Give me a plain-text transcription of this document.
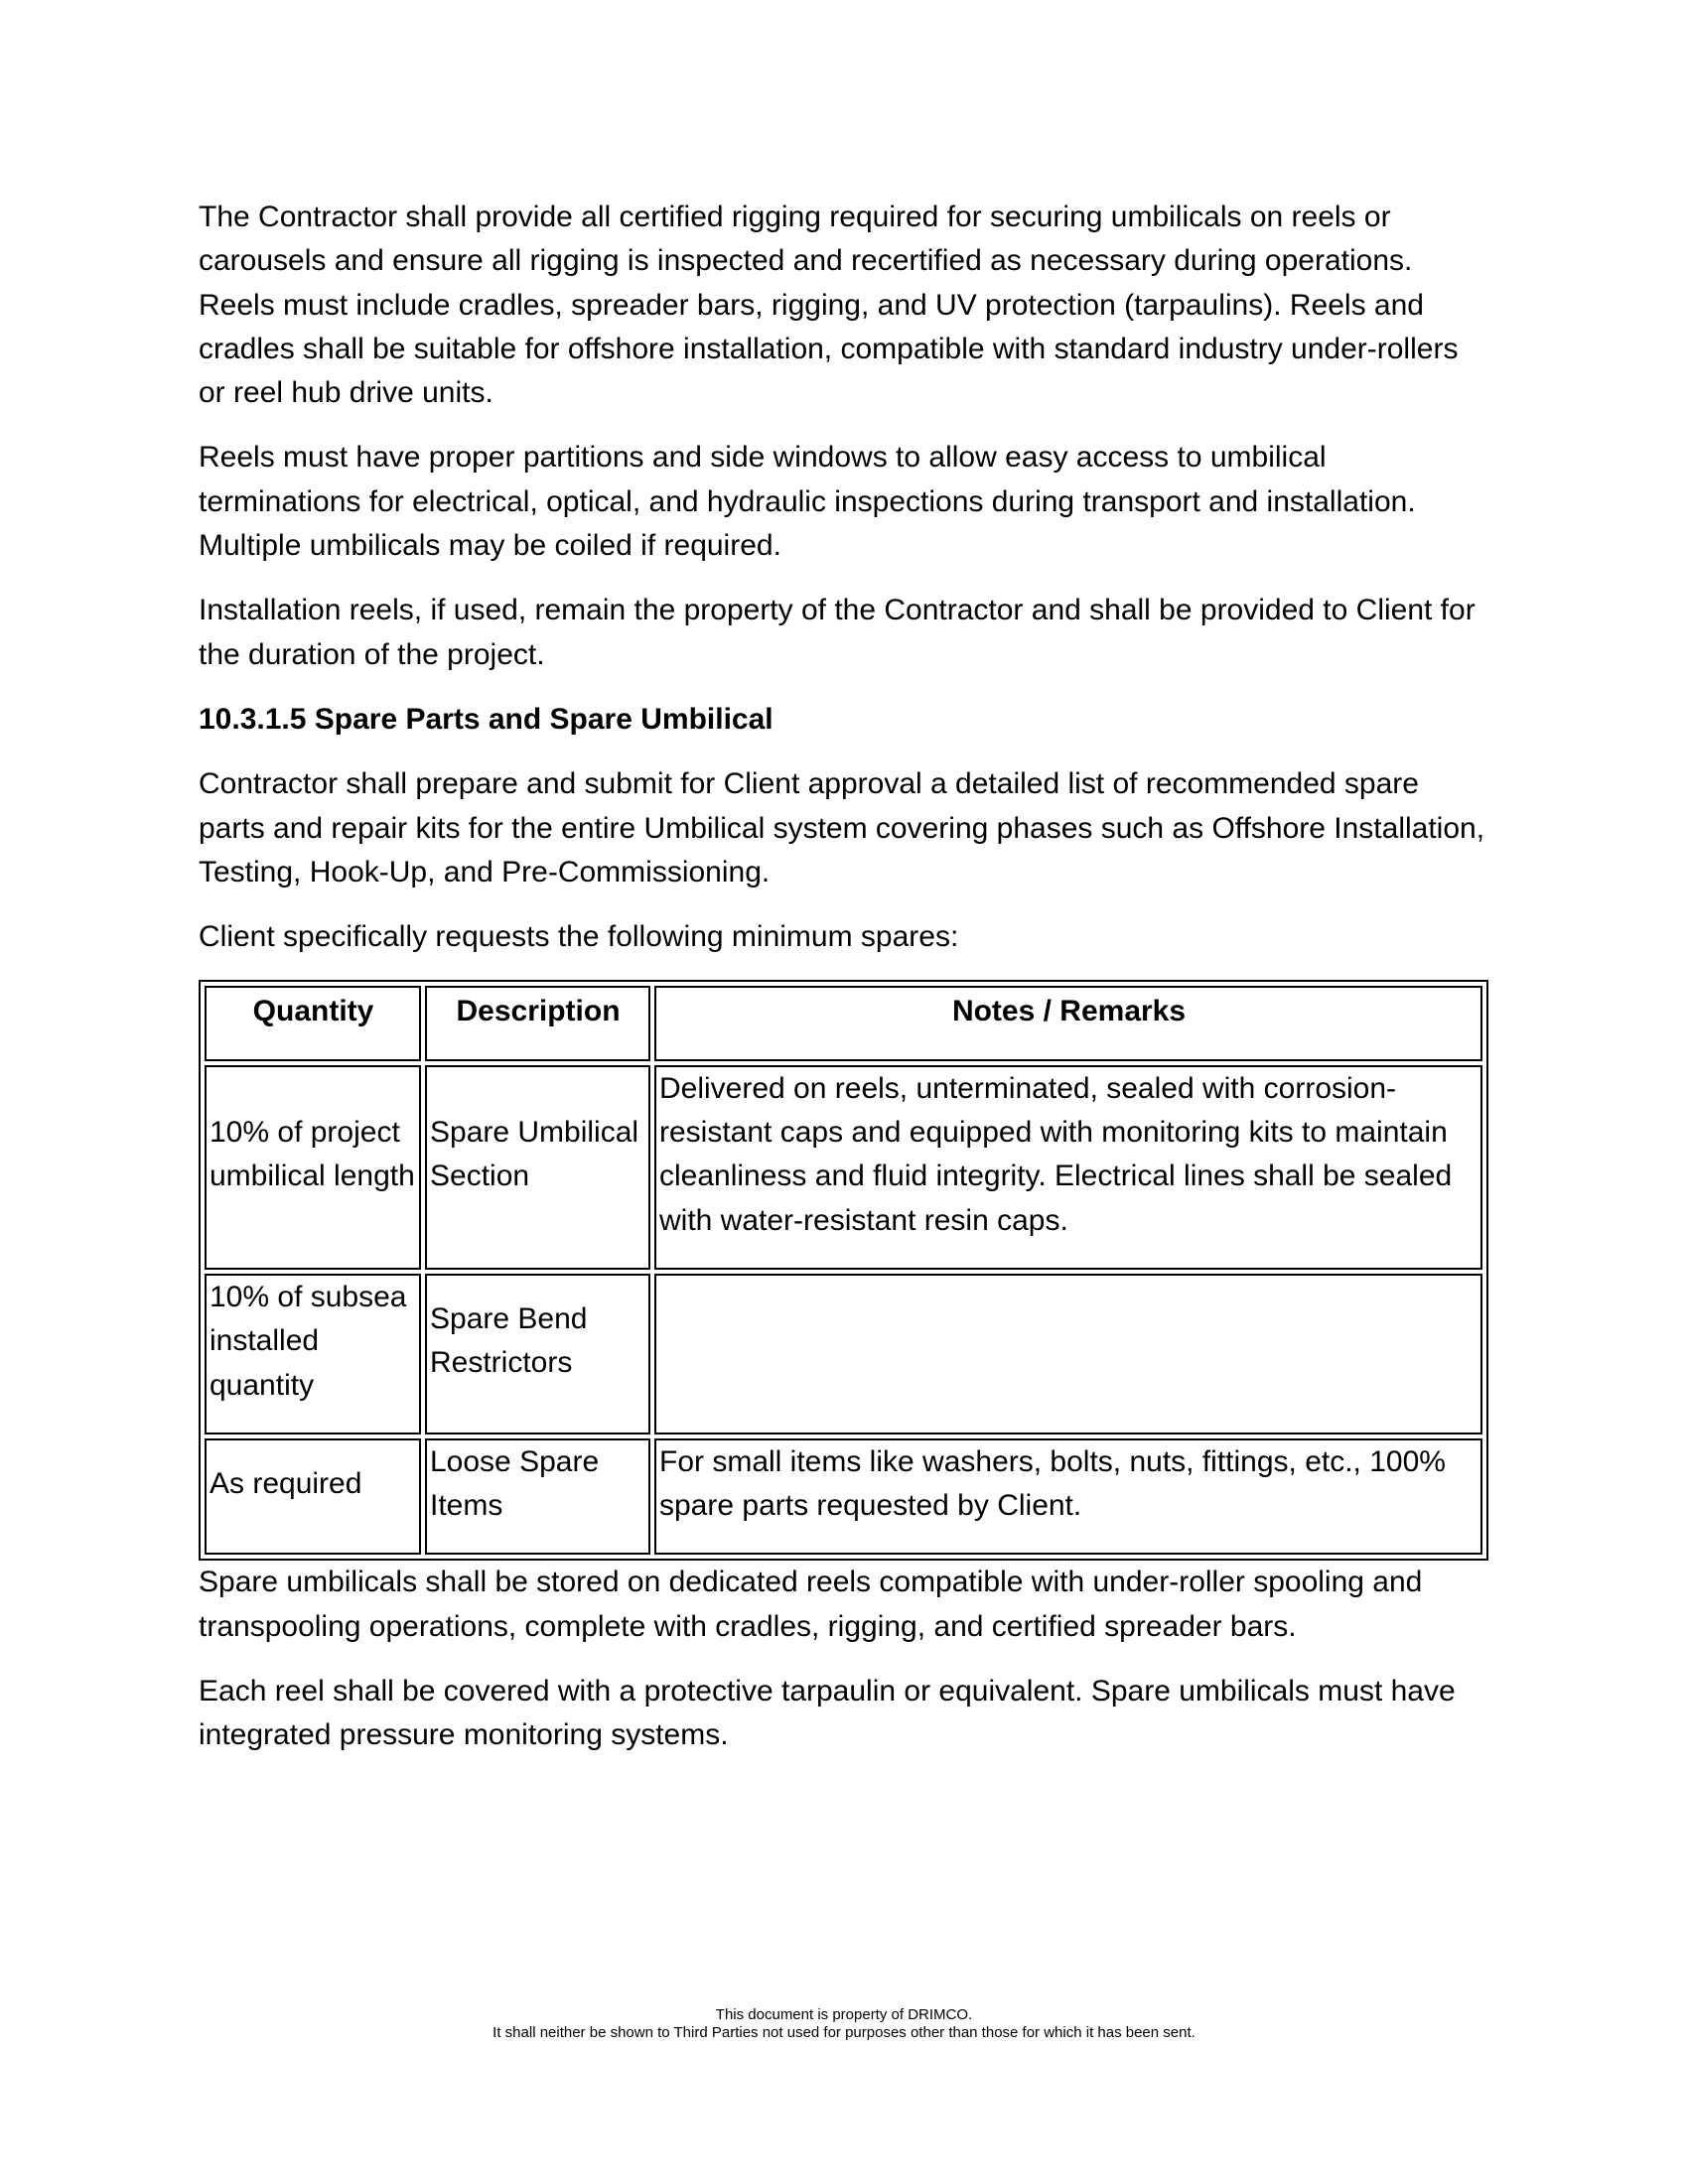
The Contractor shall provide all certified rigging required for securing umbilicals on reels or carousels and ensure all rigging is inspected and recertified as necessary during operations. Reels must include cradles, spreader bars, rigging, and UV protection (tarpaulins). Reels and cradles shall be suitable for offshore installation, compatible with standard industry under-rollers or reel hub drive units.

Reels must have proper partitions and side windows to allow easy access to umbilical terminations for electrical, optical, and hydraulic inspections during transport and installation. Multiple umbilicals may be coiled if required.

Installation reels, if used, remain the property of the Contractor and shall be provided to Client for the duration of the project.

10.3.1.5 Spare Parts and Spare Umbilical

Contractor shall prepare and submit for Client approval a detailed list of recommended spare parts and repair kits for the entire Umbilical system covering phases such as Offshore Installation, Testing, Hook-Up, and Pre-Commissioning.

Client specifically requests the following minimum spares:

Quantity	Description	Notes / Remarks
10% of project umbilical length	Spare Umbilical Section	Delivered on reels, unterminated, sealed with corrosion-resistant caps and equipped with monitoring kits to maintain cleanliness and fluid integrity. Electrical lines shall be sealed with water-resistant resin caps.
10% of subsea installed quantity	Spare Bend Restrictors	
As required	Loose Spare Items	For small items like washers, bolts, nuts, fittings, etc., 100% spare parts requested by Client.

Spare umbilicals shall be stored on dedicated reels compatible with under-roller spooling and transpooling operations, complete with cradles, rigging, and certified spreader bars.

Each reel shall be covered with a protective tarpaulin or equivalent. Spare umbilicals must have integrated pressure monitoring systems.

This document is property of DRIMCO.
It shall neither be shown to Third Parties not used for purposes other than those for which it has been sent.
